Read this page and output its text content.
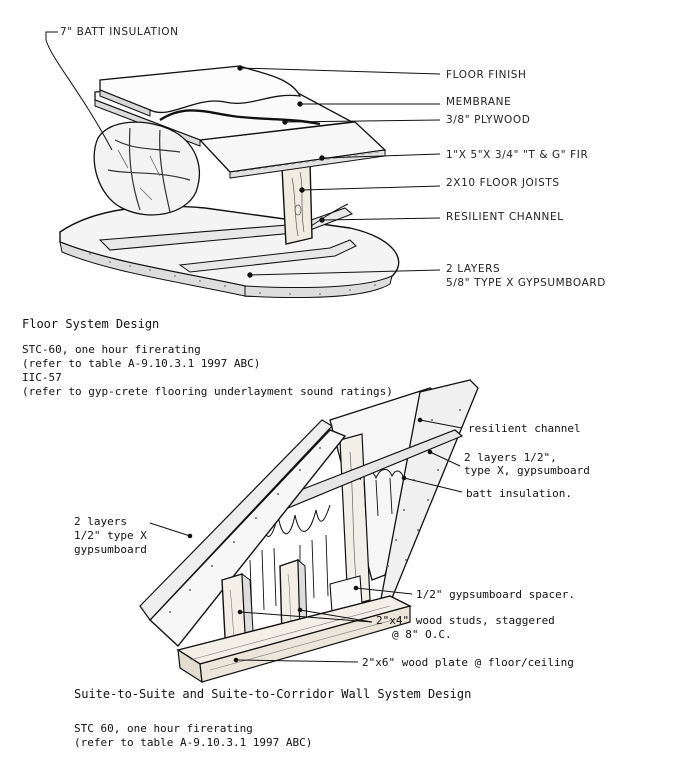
7" BATT INSULATION
FLOOR FINISH
MEMBRANE
3/8" PLYWOOD
1"X 5"X 3/4" "T & G" FIR
2X10 FLOOR JOISTS
RESILIENT CHANNEL
2 LAYERS
5/8" TYPE X GYPSUMBOARD
Floor System Design
STC-60, one hour firerating
(refer to table A-9.10.3.1 1997 ABC)
IIC-57
(refer to gyp-crete flooring underlayment sound ratings)
resilient channel
2 layers 1/2",
type X, gypsumboard
batt insulation.
2 layers
1/2" type X
gypsumboard
1/2" gypsumboard spacer.
2"x4" wood studs, staggered
@ 8" O.C.
2"x6" wood plate @ floor/ceiling
Suite-to-Suite and Suite-to-Corridor Wall System Design
STC 60, one hour firerating
(refer to table A-9.10.3.1 1997 ABC)
